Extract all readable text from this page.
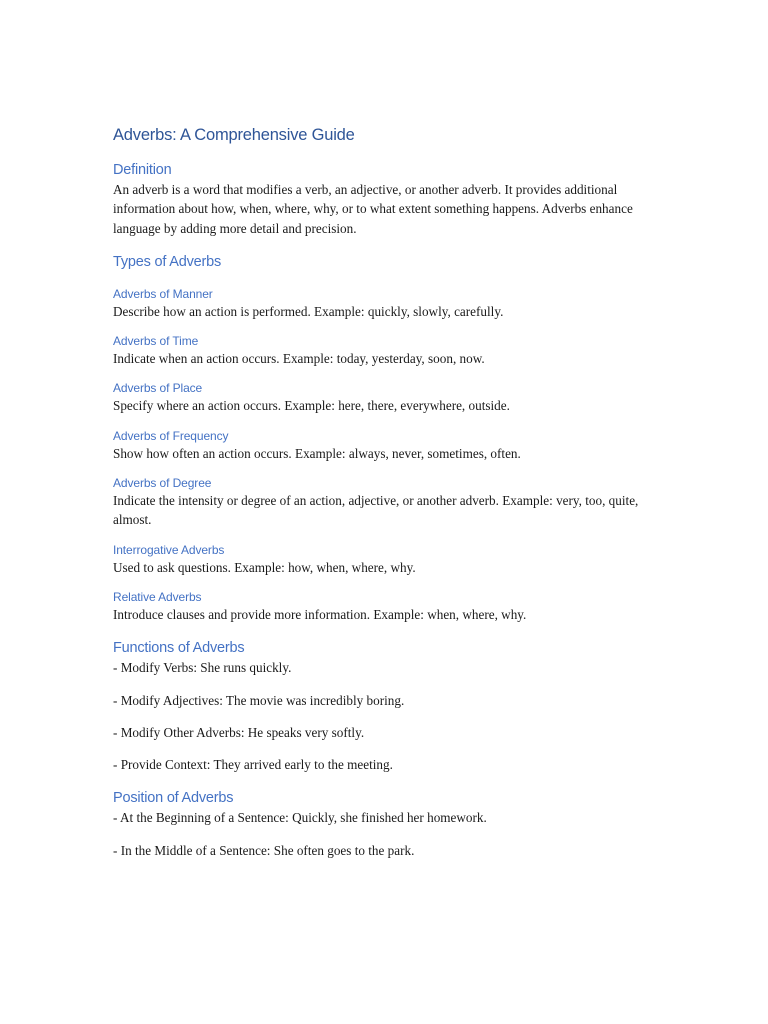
Adverbs: A Comprehensive Guide
Definition
An adverb is a word that modifies a verb, an adjective, or another adverb. It provides additional information about how, when, where, why, or to what extent something happens. Adverbs enhance language by adding more detail and precision.
Types of Adverbs
Adverbs of Manner
Describe how an action is performed. Example: quickly, slowly, carefully.
Adverbs of Time
Indicate when an action occurs. Example: today, yesterday, soon, now.
Adverbs of Place
Specify where an action occurs. Example: here, there, everywhere, outside.
Adverbs of Frequency
Show how often an action occurs. Example: always, never, sometimes, often.
Adverbs of Degree
Indicate the intensity or degree of an action, adjective, or another adverb. Example: very, too, quite, almost.
Interrogative Adverbs
Used to ask questions. Example: how, when, where, why.
Relative Adverbs
Introduce clauses and provide more information. Example: when, where, why.
Functions of Adverbs
- Modify Verbs: She runs quickly.
- Modify Adjectives: The movie was incredibly boring.
- Modify Other Adverbs: He speaks very softly.
- Provide Context: They arrived early to the meeting.
Position of Adverbs
- At the Beginning of a Sentence: Quickly, she finished her homework.
- In the Middle of a Sentence: She often goes to the park.
